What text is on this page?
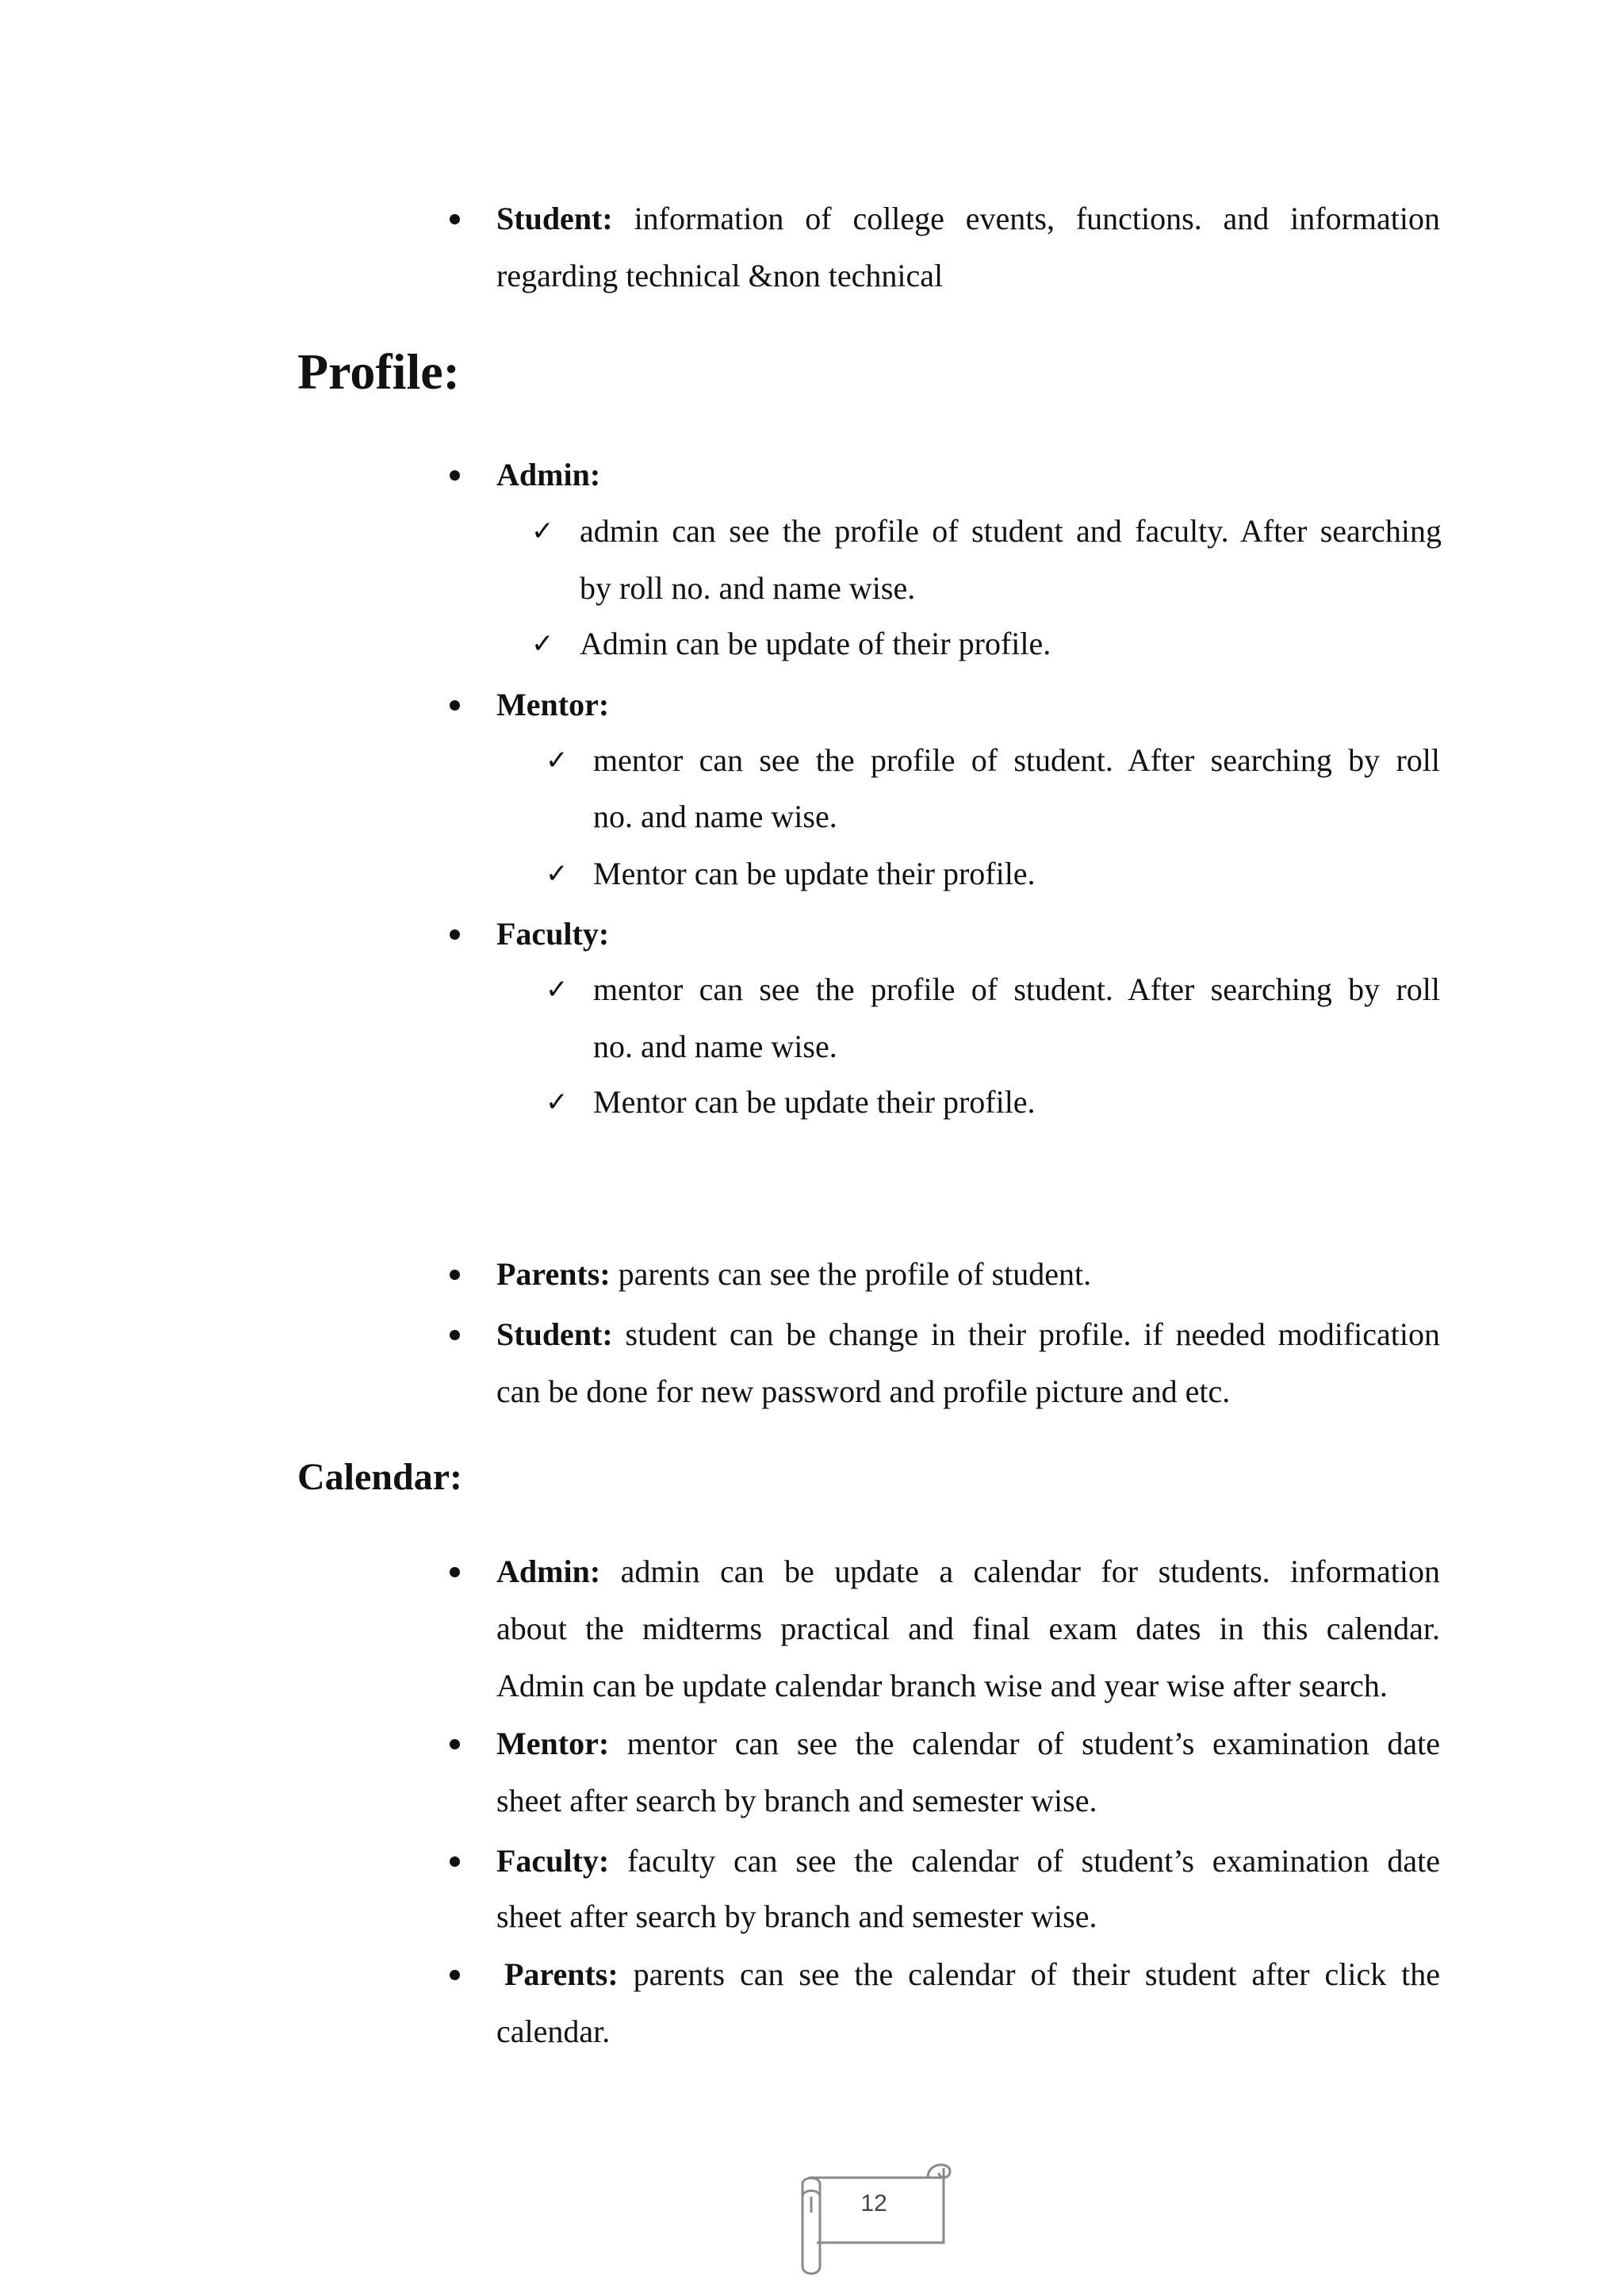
Student: information of college events, functions. and information
regarding technical &non technical
Profile:
Admin:
✓ admin can see the profile of student and faculty. After searching
by roll no. and name wise.
✓ Admin can be update of their profile.
Mentor:
✓ mentor can see the profile of student. After searching by roll
no. and name wise.
✓ Mentor can be update their profile.
Faculty:
✓ mentor can see the profile of student. After searching by roll
no. and name wise.
✓ Mentor can be update their profile.
Parents: parents can see the profile of student.
Student: student can be change in their profile. if needed modification
can be done for new password and profile picture and etc.
Calendar:
Admin: admin can be update a calendar for students. information
about the midterms practical and final exam dates in this calendar.
Admin can be update calendar branch wise and year wise after search.
Mentor: mentor can see the calendar of student’s examination date
sheet after search by branch and semester wise.
Faculty: faculty can see the calendar of student’s examination date
sheet after search by branch and semester wise.
Parents: parents can see the calendar of their student after click the
calendar.
12
